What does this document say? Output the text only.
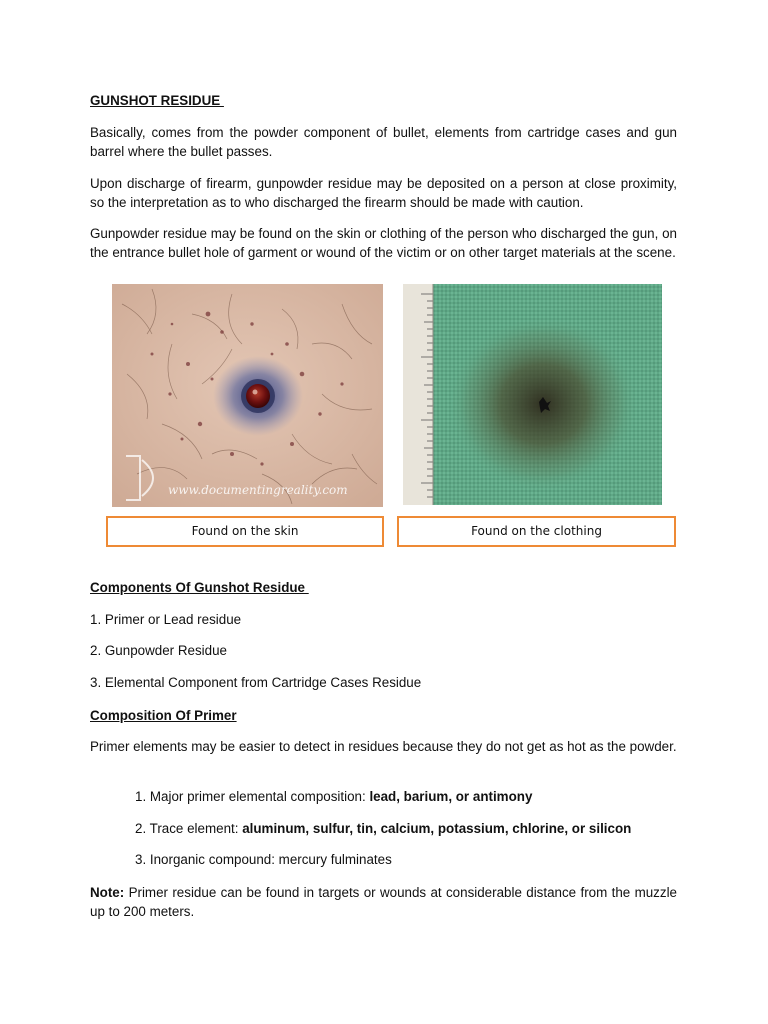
GUNSHOT RESIDUE

Basically, comes from the powder component of bullet, elements from cartridge cases and gun barrel where the bullet passes.

Upon discharge of firearm, gunpowder residue may be deposited on a person at close proximity, so the interpretation as to who discharged the firearm should be made with caution.

Gunpowder residue may be found on the skin or clothing of the person who discharged the gun, on the entrance bullet hole of garment or wound of the victim or on other target materials at the scene.

www.documentingreality.com
Found on the skin	Found on the clothing

Components Of Gunshot Residue

1. Primer or Lead residue

2. Gunpowder Residue

3. Elemental Component from Cartridge Cases Residue

Composition Of Primer

Primer elements may be easier to detect in residues because they do not get as hot as the powder.

1. Major primer elemental composition: lead, barium, or antimony

2. Trace element: aluminum, sulfur, tin, calcium, potassium, chlorine, or silicon

3. Inorganic compound: mercury fulminates

Note: Primer residue can be found in targets or wounds at considerable distance from the muzzle up to 200 meters.
